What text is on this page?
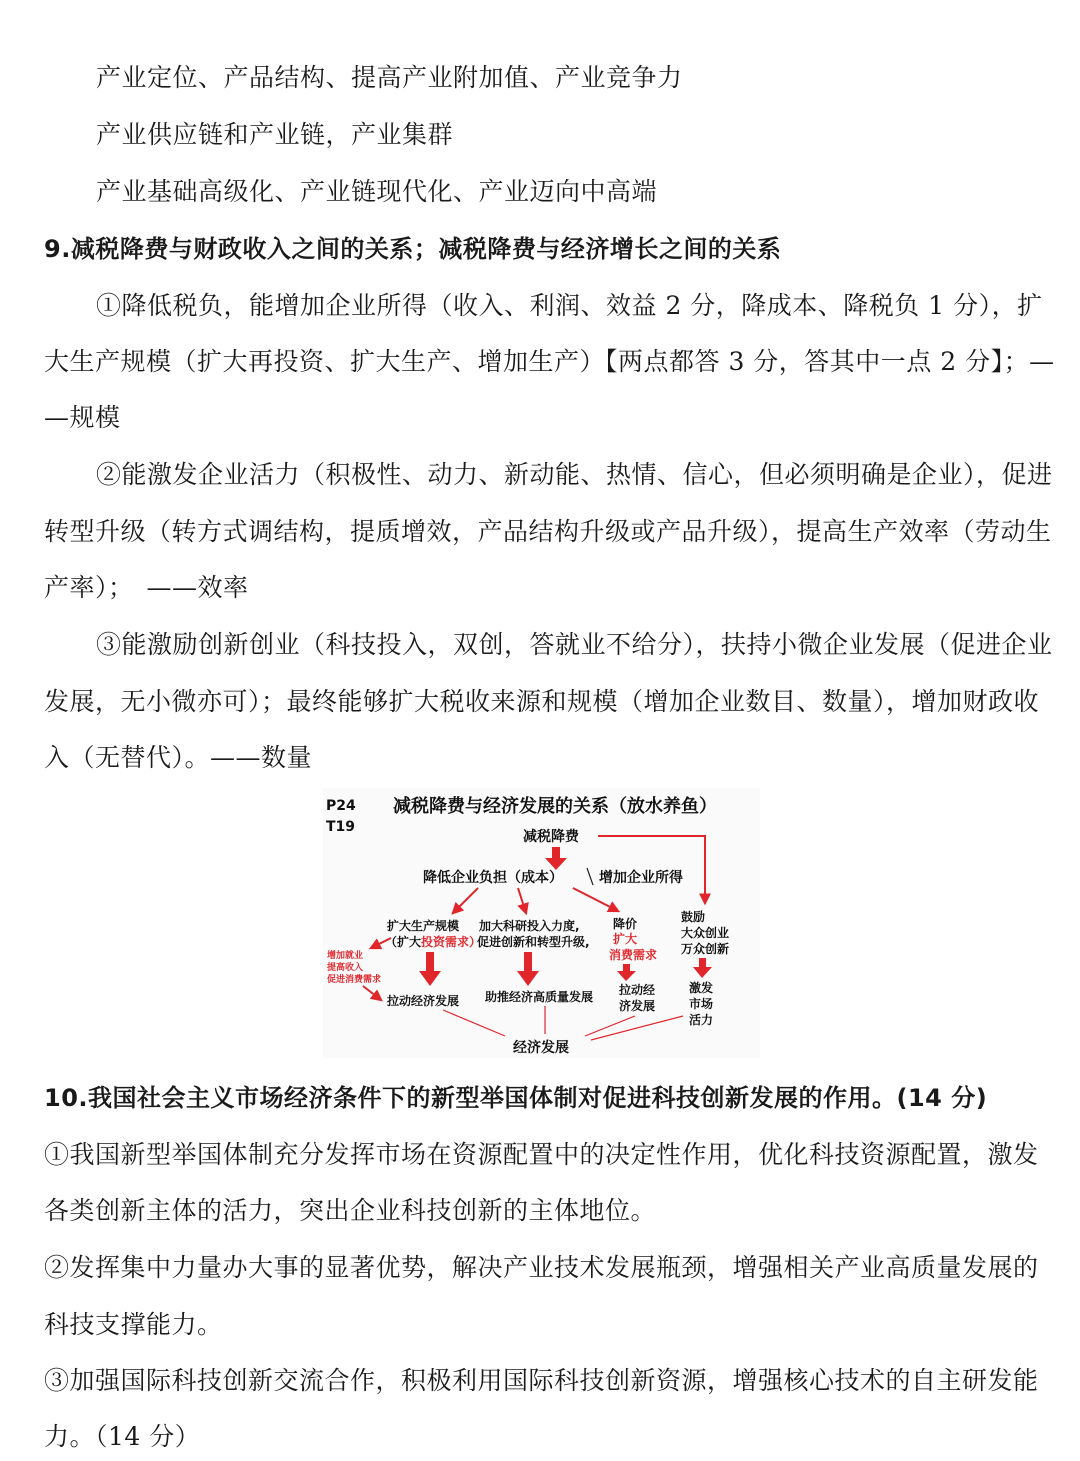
产业定位、产品结构、提高产业附加值、产业竞争力
产业供应链和产业链，产业集群
产业基础高级化、产业链现代化、产业迈向中高端
9.减税降费与财政收入之间的关系；减税降费与经济增长之间的关系
①降低税负，能增加企业所得（收入、利润、效益 2 分，降成本、降税负 1 分），扩
大生产规模（扩大再投资、扩大生产、增加生产）【两点都答 3 分，答其中一点 2 分】；—
—规模
②能激发企业活力（积极性、动力、新动能、热情、信心，但必须明确是企业），促进
转型升级（转方式调结构，提质增效，产品结构升级或产品升级），提高生产效率（劳动生
产率）；　——效率
③能激励创新创业（科技投入，双创，答就业不给分），扶持小微企业发展（促进企业
发展，无小微亦可）；最终能够扩大税收来源和规模（增加企业数目、数量），增加财政收
入（无替代）。——数量
P24
T19
减税降费与经济发展的关系（放水养鱼）
减税降费
降低企业负担（成本）	增加企业所得
扩大生产规模
（扩大投资需求）
加大科研投入力度,
促进创新和转型升级,
降价
扩大
消费需求
鼓励
大众创业
万众创新
增加就业
提高收入
促进消费需求
拉动经济发展 助推经济高质量发展 拉动经
济发展
激发
市场
活力
经济发展
10.我国社会主义市场经济条件下的新型举国体制对促进科技创新发展的作用。(14 分)
①我国新型举国体制充分发挥市场在资源配置中的决定性作用，优化科技资源配置，激发
各类创新主体的活力，突出企业科技创新的主体地位。
②发挥集中力量办大事的显著优势，解决产业技术发展瓶颈，增强相关产业高质量发展的
科技支撑能力。
③加强国际科技创新交流合作，积极利用国际科技创新资源，增强核心技术的自主研发能
力。（14 分）
